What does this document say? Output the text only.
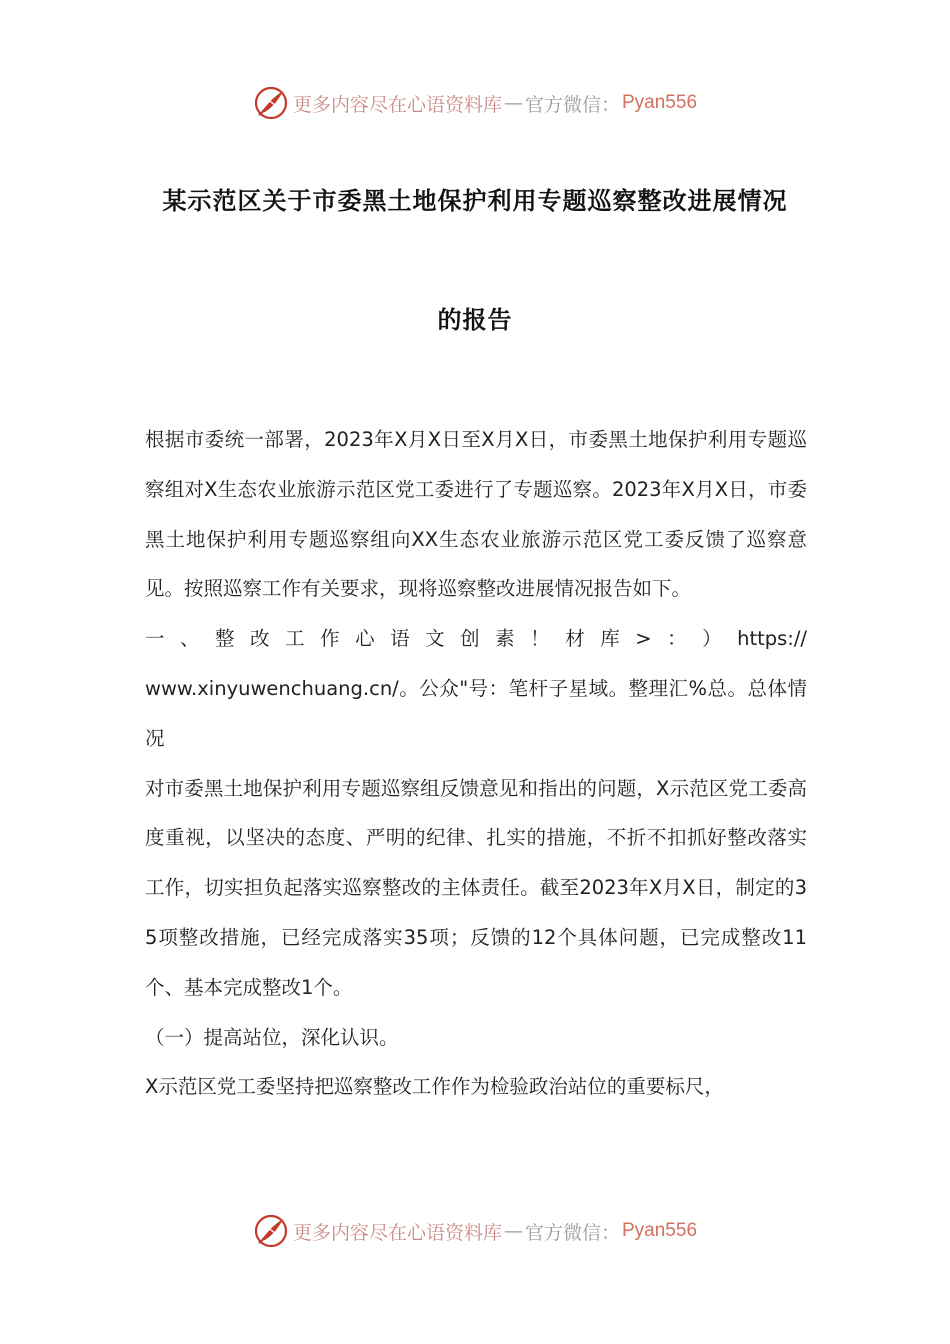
更多内容尽在心语资料库 — 官方微信： Pyan556
某示范区关于市委黑土地保护利用专题巡察整改进展情况
的报告

根据市委统一部署，2023年X月X日至X月X日，市委黑土地保护利用专题巡察组对X生态农业旅游示范区党工委进行了专题巡察。2023年X月X日，市委黑土地保护利用专题巡察组向XX生态农业旅游示范区党工委反馈了巡察意见。按照巡察工作有关要求，现将巡察整改进展情况报告如下。

一 、 整 改 工 作 心 语 文 创 素 ！ 材 库 > ： ） https://

www.xinyuwenchuang.cn/。公众"号：笔杆子星域。整理汇%总。总体情况

对市委黑土地保护利用专题巡察组反馈意见和指出的问题，X示范区党工委高度重视，以坚决的态度、严明的纪律、扎实的措施，不折不扣抓好整改落实工作，切实担负起落实巡察整改的主体责任。截至2023年X月X日，制定的35项整改措施，已经完成落实35项；反馈的12个具体问题，已完成整改11个、基本完成整改1个。

（一）提高站位，深化认识。

X示范区党工委坚持把巡察整改工作作为检验政治站位的重要标尺，

更多内容尽在心语资料库 — 官方微信： Pyan556
